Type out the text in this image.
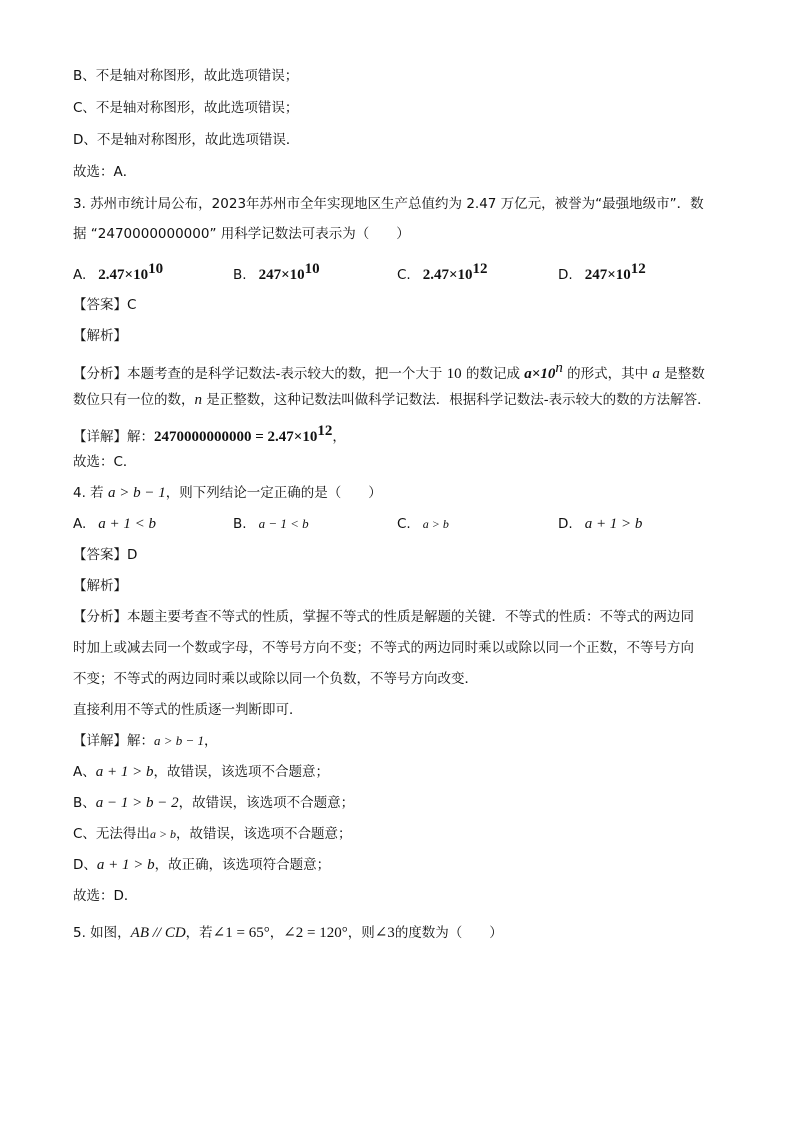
B、不是轴对称图形，故此选项错误；
C、不是轴对称图形，故此选项错误；
D、不是轴对称图形，故此选项错误．
故选：A．
3. 苏州市统计局公布，2023年苏州市全年实现地区生产总值约为 2.47 万亿元，被誉为“最强地级市”．数
据 “2470000000000” 用科学记数法可表示为（　　）
A. $2.47\times 10^{10}$	B. $247\times 10^{10}$	C. $2.47\times 10^{12}$	D. $247\times 10^{12}$
【答案】C
【解析】
【分析】本题考查的是科学记数法-表示较大的数，把一个大于 10 的数记成 $a\times 10^n$ 的形式，其中 a 是整数
数位只有一位的数，n 是正整数，这种记数法叫做科学记数法．根据科学记数法-表示较大的数的方法解答．
【详解】解：$2470000000000 = 2.47\times 10^{12}$，
故选：C．
4. 若 a > b − 1，则下列结论一定正确的是（　　）
A. a + 1 < b	B. a − 1 < b	C. a > b	D. a + 1 > b
【答案】D
【解析】
【分析】本题主要考查不等式的性质，掌握不等式的性质是解题的关键．不等式的性质：不等式的两边同
时加上或减去同一个数或字母，不等号方向不变；不等式的两边同时乘以或除以同一个正数，不等号方向
不变；不等式的两边同时乘以或除以同一个负数，不等号方向改变．
直接利用不等式的性质逐一判断即可．
【详解】解：a > b − 1，
A、a + 1 > b，故错误，该选项不合题意；
B、a − 1 > b − 2，故错误，该选项不合题意；
C、无法得出a > b，故错误，该选项不合题意；
D、a + 1 > b，故正确，该选项符合题意；
故选：D．
5. 如图，AB // CD，若∠1 = 65°，∠2 = 120°，则∠3的度数为（　　）
